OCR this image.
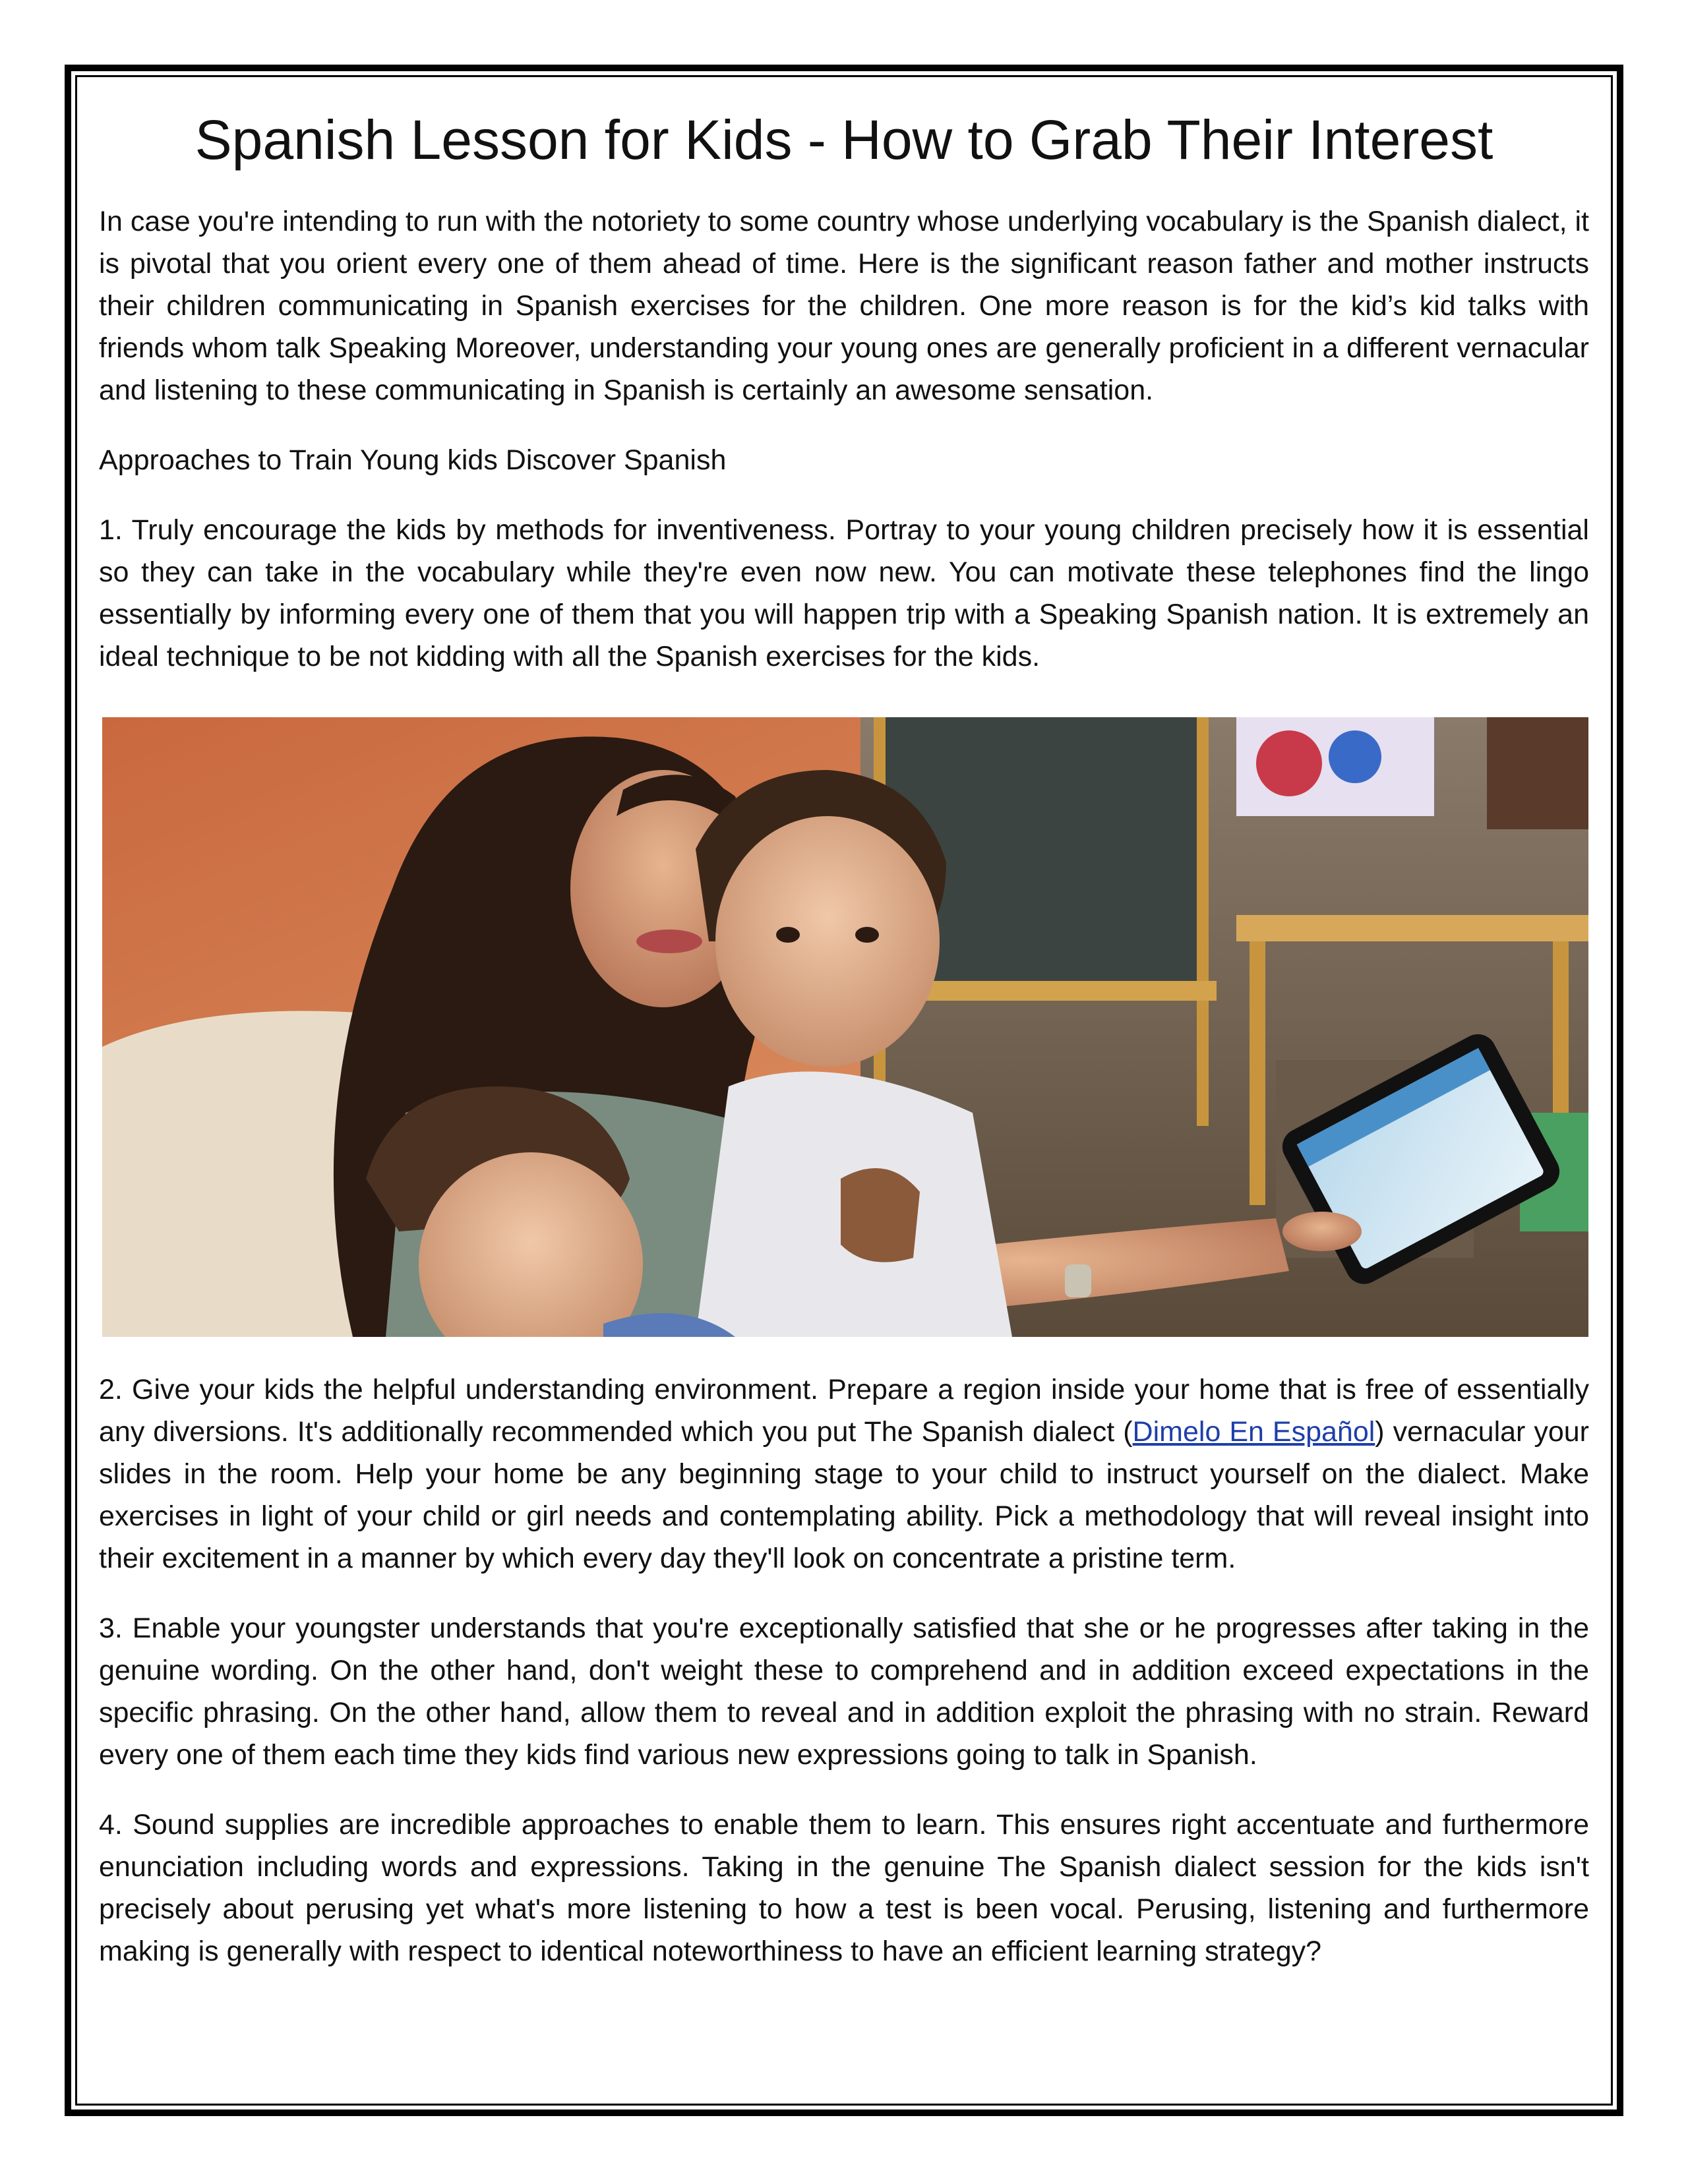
Spanish Lesson for Kids - How to Grab Their Interest

In case you're intending to run with the notoriety to some country whose underlying vocabulary is the Spanish dialect, it is pivotal that you orient every one of them ahead of time. Here is the significant reason father and mother instructs their children communicating in Spanish exercises for the children. One more reason is for the kid’s kid talks with friends whom talk Speaking Moreover, understanding your young ones are generally proficient in a different vernacular and listening to these communicating in Spanish is certainly an awesome sensation.

Approaches to Train Young kids Discover Spanish

1. Truly encourage the kids by methods for inventiveness. Portray to your young children precisely how it is essential so they can take in the vocabulary while they're even now new. You can motivate these telephones find the lingo essentially by informing every one of them that you will happen trip with a Speaking Spanish nation. It is extremely an ideal technique to be not kidding with all the Spanish exercises for the kids.

2. Give your kids the helpful understanding environment. Prepare a region inside your home that is free of essentially any diversions. It's additionally recommended which you put The Spanish dialect (Dimelo En Español) vernacular your slides in the room. Help your home be any beginning stage to your child to instruct yourself on the dialect. Make exercises in light of your child or girl needs and contemplating ability. Pick a methodology that will reveal insight into their excitement in a manner by which every day they'll look on concentrate a pristine term.

3. Enable your youngster understands that you're exceptionally satisfied that she or he progresses after taking in the genuine wording. On the other hand, don't weight these to comprehend and in addition exceed expectations in the specific phrasing. On the other hand, allow them to reveal and in addition exploit the phrasing with no strain. Reward every one of them each time they kids find various new expressions going to talk in Spanish.

4. Sound supplies are incredible approaches to enable them to learn. This ensures right accentuate and furthermore enunciation including words and expressions. Taking in the genuine The Spanish dialect session for the kids isn't precisely about perusing yet what's more listening to how a test is been vocal. Perusing, listening and furthermore making is generally with respect to identical noteworthiness to have an efficient learning strategy?
